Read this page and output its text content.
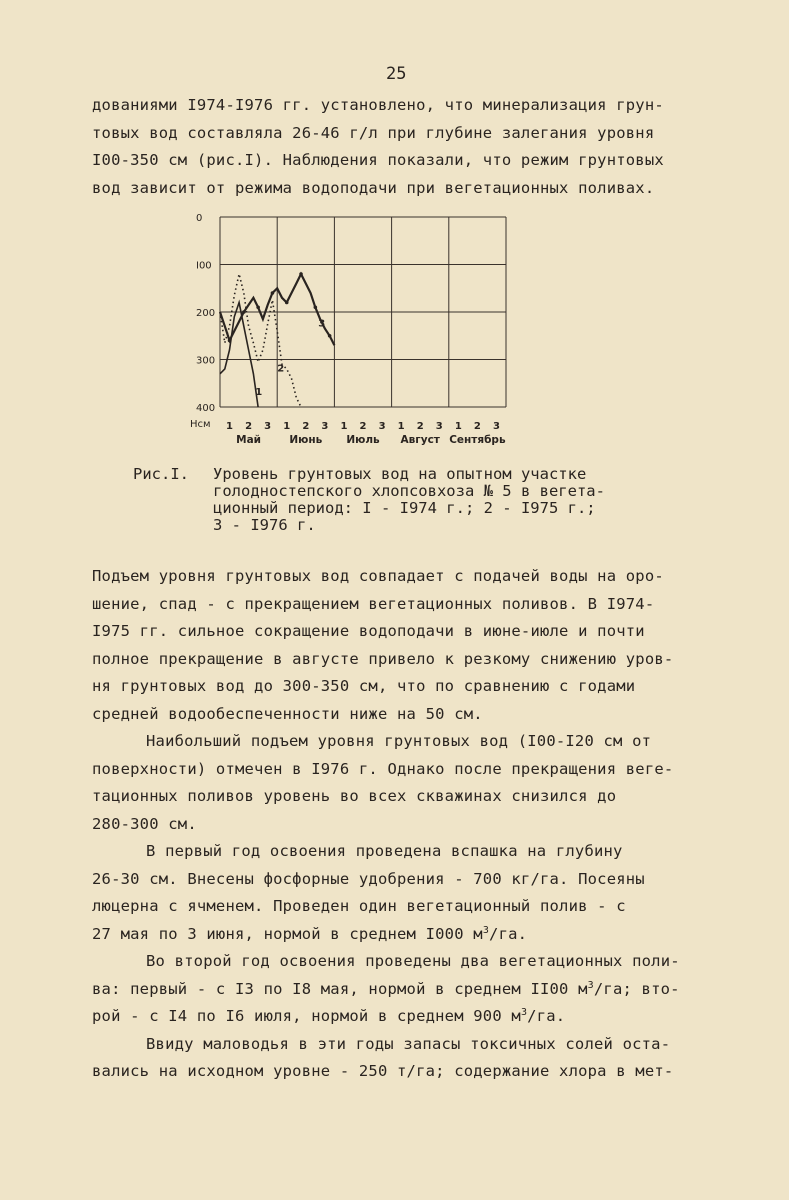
25
дованиями I974-I976 гг. установлено, что минерализация грун-
товых вод составляла 26-46 г/л при глубине залегания уровня
I00-350 см (рис.I). Наблюдения показали, что режим грунтовых
вод зависит от режима водоподачи при вегетационных поливах.
0
I00
200
300
400
Нсм 1 2 3 1 2 3 1 2 3 1 2 3 1 2 3
Май	Июнь Июль Август Сентябрь
1
2
3
Рис.I. Уровень грунтовых вод на опытном участке
голодностепского хлопсовхоза № 5 в вегета-
ционный период: I - I974 г.; 2 - I975 г.;
3 - I976 г.
Подъем уровня грунтовых вод совпадает с подачей воды на оро-
шение, спад - с прекращением вегетационных поливов. В I974-
I975 гг. сильное сокращение водоподачи в июне-июле и почти
полное прекращение в августе привело к резкому снижению уров-
ня грунтовых вод до 300-350 см, что по сравнению с годами
средней водообеспеченности ниже на 50 см.
Наибольший подъем уровня грунтовых вод (I00-I20 см от
поверхности) отмечен в I976 г. Однако после прекращения веге-
тационных поливов уровень во всех скважинах снизился до
280-300 см.
В первый год освоения проведена вспашка на глубину
26-30 см. Внесены фосфорные удобрения - 700 кг/га. Посеяны
люцерна с ячменем. Проведен один вегетационный полив - с
27 мая по 3 июня, нормой в среднем I000 $м^3/га$.
Во второй год освоения проведены два вегетационных поли-
ва: первый - с I3 по I8 мая, нормой в среднем II00 $м^3/га$; вто-
рой - с I4 по I6 июля, нормой в среднем 900 $м^3/га$.
Ввиду маловодья в эти годы запасы токсичных солей оста-
вались на исходном уровне - 250 т/га; содержание хлора в мет-
